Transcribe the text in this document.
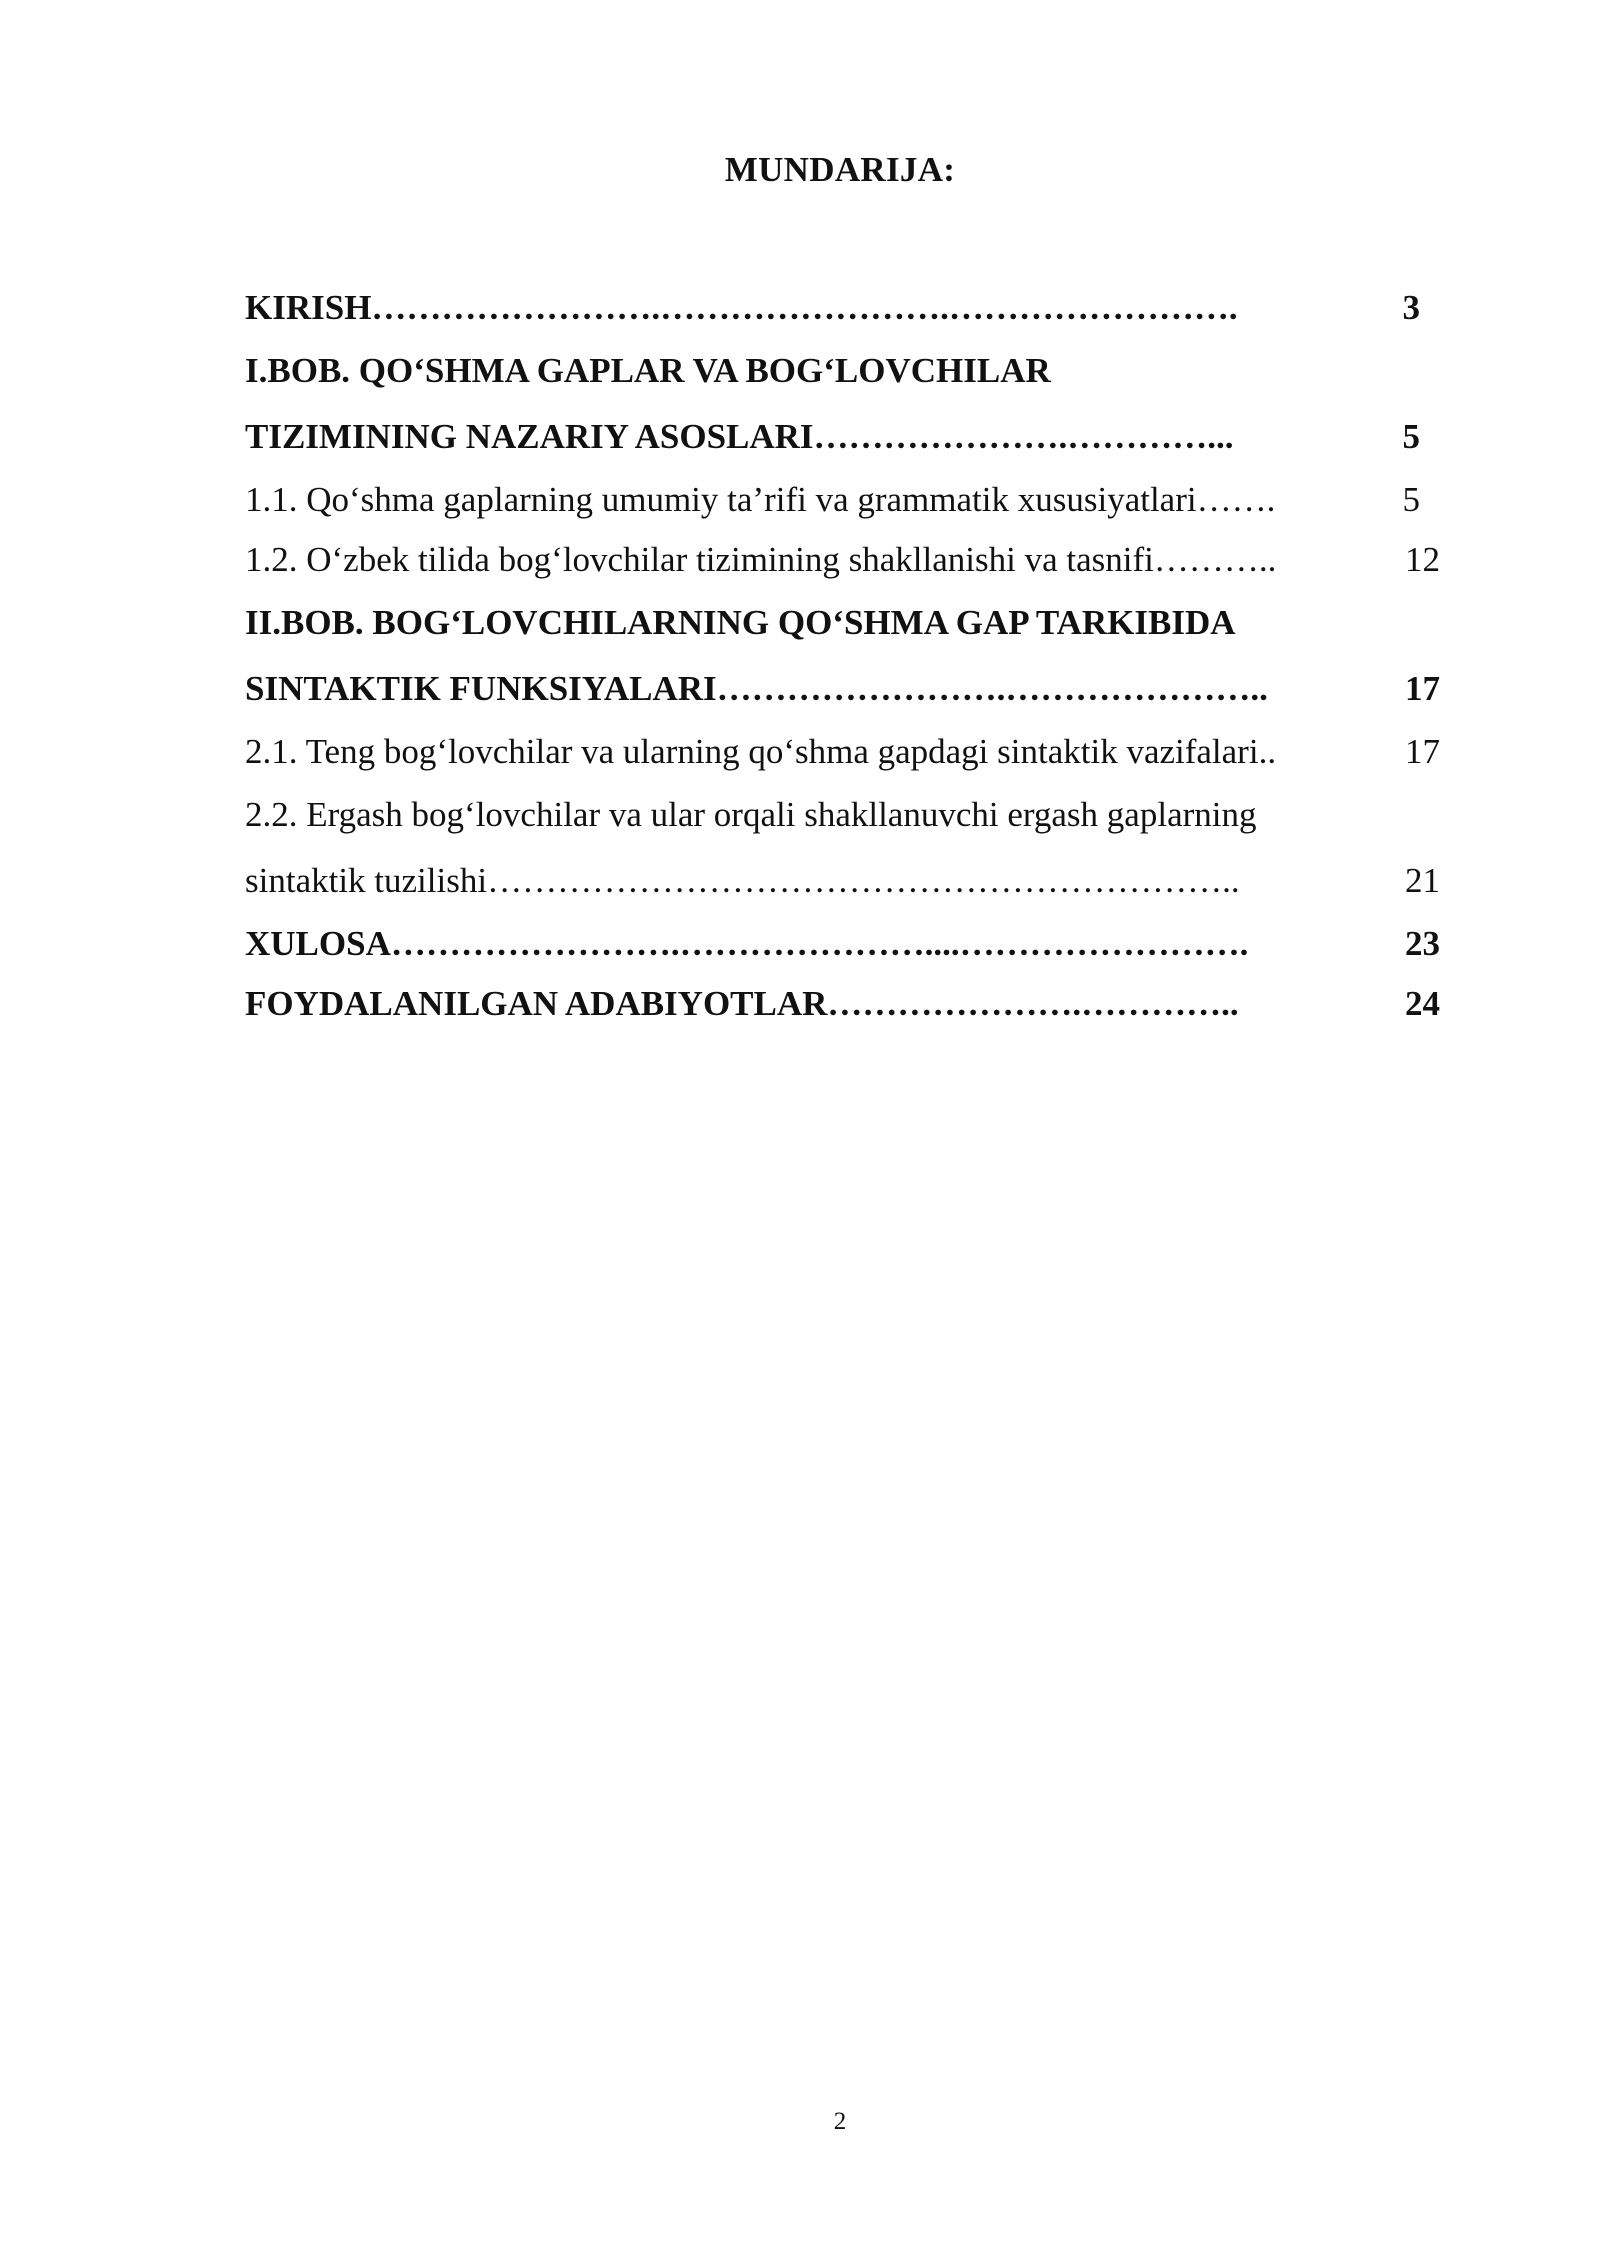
MUNDARIJA:
KIRISH…………………….…………………….…………………….	3
I.BOB. QO‘SHMA GAPLAR VA BOG‘LOVCHILAR
TIZIMINING NAZARIY ASOSLARI………………….…………...	5
1.1. Qo‘shma gaplarning umumiy ta’rifi va grammatik xususiyatlari…….	5
1.2. O‘zbek tilida bog‘lovchilar tizimining shakllanishi va tasnifi………..	12
II.BOB. BOG‘LOVCHILARNING QO‘SHMA GAP TARKIBIDA
SINTAKTIK FUNKSIYALARI…………………….…………………..	17
2.1. Teng bog‘lovchilar va ularning qo‘shma gapdagi sintaktik vazifalari..	17
2.2. Ergash bog‘lovchilar va ular orqali shakllanuvchi ergash gaplarning
sintaktik tuzilishi………………………………………………………..	21
XULOSA…………………….…………………....…………………….	23
FOYDALANILGAN ADABIYOTLAR………………….…………..	24
2
